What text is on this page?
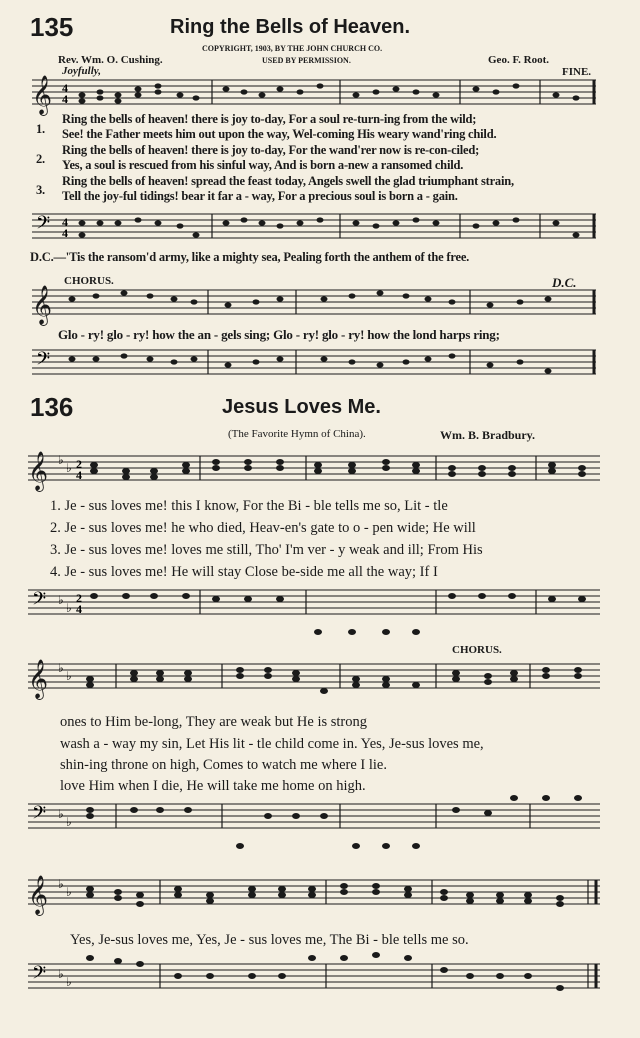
135	Ring the Bells of Heaven.
Rev. Wm. O. Cushing.
COPYRIGHT, 1903, BY THE JOHN CHURCH CO.
USED BY PERMISSION.	Geo. F. Root.
Joyfully,	FINE.
𝄞 4
4
1.
Ring the bells of heaven! there is joy to-day, For a soul re-turn-ing from the wild;
See! the Father meets him out upon the way, Wel-coming His weary wand'ring child.
2.
Ring the bells of heaven! there is joy to-day, For the wand'rer now is re-con-ciled;
Yes, a soul is rescued from his sinful way, And is born a-new a ransomed child.
3.
Ring the bells of heaven! spread the feast today, Angels swell the glad triumphant strain,
Tell the joy-ful tidings! bear it far a - way, For a precious soul is born a - gain.
𝄢 4
4
D.C.—'Tis the ransom'd army, like a mighty sea, Pealing forth the anthem of the free.
CHORUS.	D.C.
𝄞
Glo - ry! glo - ry! how the an - gels sing; Glo - ry! glo - ry! how the lond harps ring;
𝄢
136	Jesus Loves Me.
(The Favorite Hymn of China).	Wm. B. Bradbury.
𝄞 ♭
♭ 2
4
1. Je - sus loves me! this I know, For the Bi - ble tells me so, Lit - tle
2. Je - sus loves me! he who died, Heav-en's gate to o - pen wide; He will
3. Je - sus loves me! loves me still, Tho' I'm ver - y weak and ill; From His
4. Je - sus loves me! He will stay Close be-side me all the way; If I
𝄢 ♭
♭
2
4
CHORUS.
𝄞 ♭
♭
ones to Him be-long, They are weak but He is strong
wash a - way my sin, Let His lit - tle child come in. Yes, Je-sus loves me,
shin-ing throne on high, Comes to watch me where I lie.
love Him when I die, He will take me home on high.
𝄢 ♭
♭
𝄞 ♭
♭
Yes, Je-sus loves me, Yes, Je - sus loves me, The Bi - ble tells me so.
𝄢 ♭
♭
